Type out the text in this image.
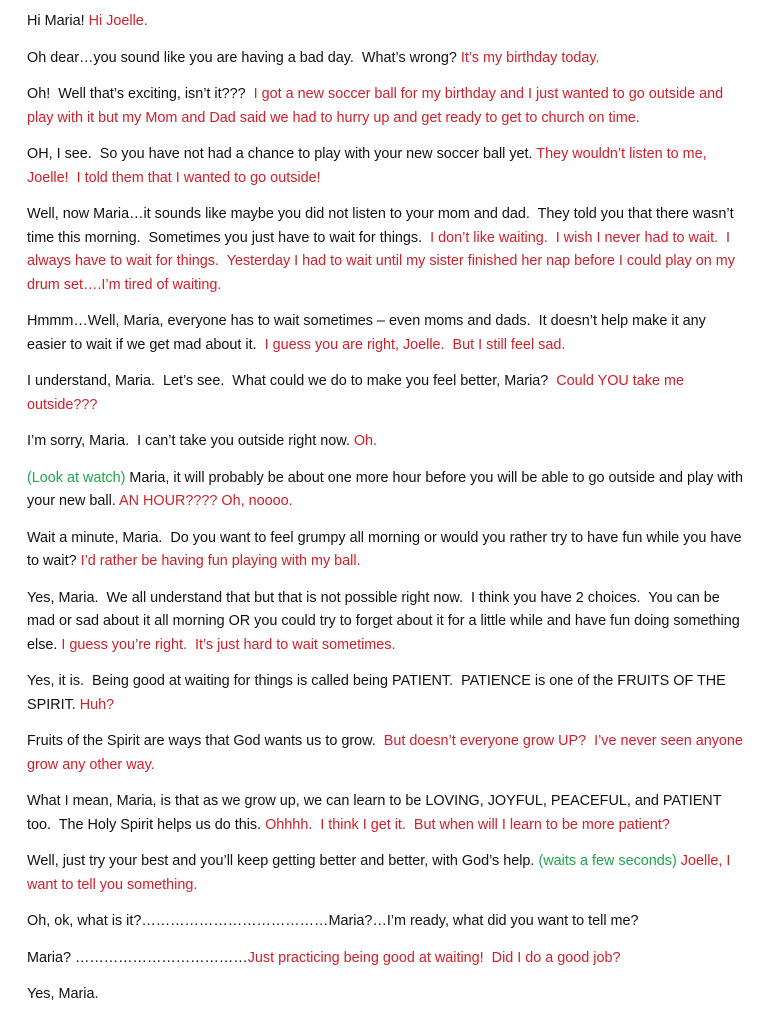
Hi Maria! Hi Joelle.

Oh dear…you sound like you are having a bad day.  What’s wrong? It’s my birthday today.

Oh!  Well that’s exciting, isn’t it???  I got a new soccer ball for my birthday and I just wanted to go outside and play with it but my Mom and Dad said we had to hurry up and get ready to get to church on time.

OH, I see.  So you have not had a chance to play with your new soccer ball yet. They wouldn’t listen to me, Joelle!  I told them that I wanted to go outside!

Well, now Maria…it sounds like maybe you did not listen to your mom and dad.  They told you that there wasn’t time this morning.  Sometimes you just have to wait for things.  I don’t like waiting.  I wish I never had to wait.  I always have to wait for things.  Yesterday I had to wait until my sister finished her nap before I could play on my drum set….I’m tired of waiting.

Hmmm…Well, Maria, everyone has to wait sometimes – even moms and dads.  It doesn’t help make it any easier to wait if we get mad about it.  I guess you are right, Joelle.  But I still feel sad.

I understand, Maria.  Let’s see.  What could we do to make you feel better, Maria?  Could YOU take me outside???

I’m sorry, Maria.  I can’t take you outside right now. Oh.

(Look at watch) Maria, it will probably be about one more hour before you will be able to go outside and play with your new ball. AN HOUR???? Oh, noooo.

Wait a minute, Maria.  Do you want to feel grumpy all morning or would you rather try to have fun while you have to wait? I’d rather be having fun playing with my ball.

Yes, Maria.  We all understand that but that is not possible right now.  I think you have 2 choices.  You can be mad or sad about it all morning OR you could try to forget about it for a little while and have fun doing something else. I guess you’re right.  It’s just hard to wait sometimes.

Yes, it is.  Being good at waiting for things is called being PATIENT.  PATIENCE is one of the FRUITS OF THE SPIRIT. Huh?

Fruits of the Spirit are ways that God wants us to grow.  But doesn’t everyone grow UP?  I’ve never seen anyone grow any other way.

What I mean, Maria, is that as we grow up, we can learn to be LOVING, JOYFUL, PEACEFUL, and PATIENT too.  The Holy Spirit helps us do this. Ohhhh.  I think I get it.  But when will I learn to be more patient?

Well, just try your best and you’ll keep getting better and better, with God’s help. (waits a few seconds) Joelle, I want to tell you something.

Oh, ok, what is it?…………………………………Maria?…I’m ready, what did you want to tell me?

Maria? ………………………………Just practicing being good at waiting!  Did I do a good job?

Yes, Maria.
